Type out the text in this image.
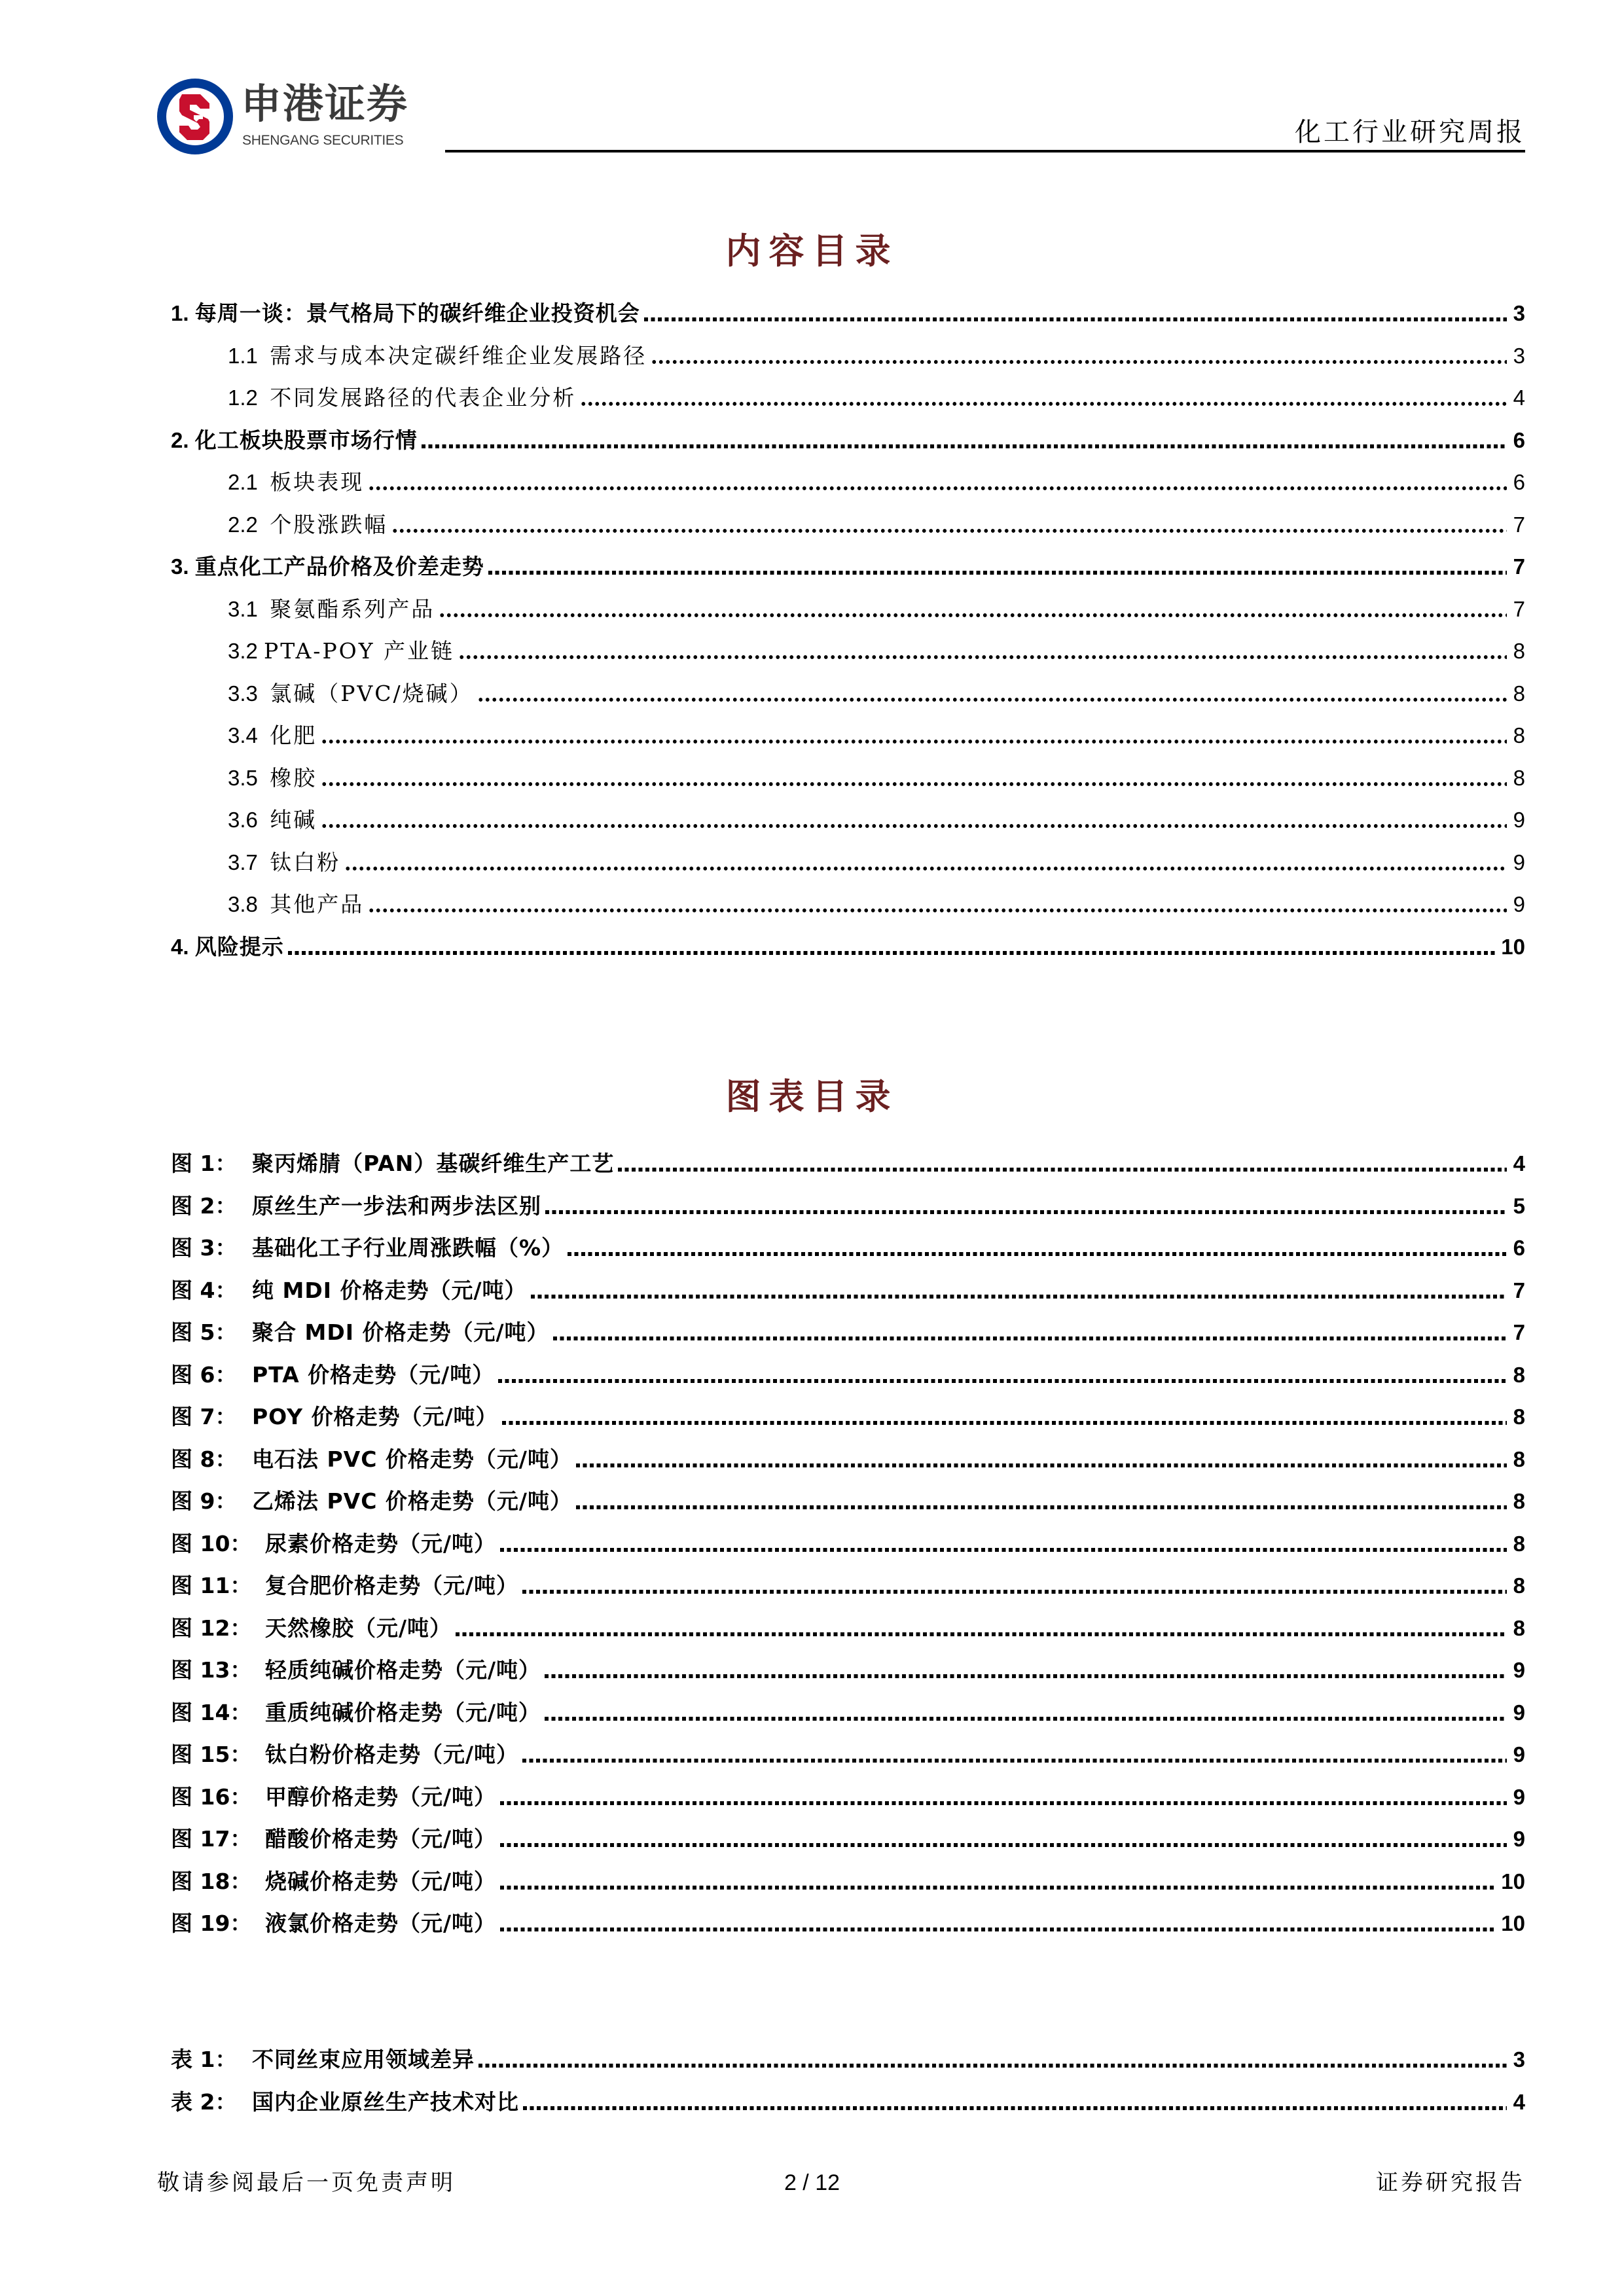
申港证券
SHENGANG SECURITIES	化工行业研究周报
内容目录
1. 每周一谈：景气格局下的碳纤维企业投资机会	3
1.1 需求与成本决定碳纤维企业发展路径	3
1.2 不同发展路径的代表企业分析	4
2. 化工板块股票市场行情	6
2.1 板块表现	6
2.2 个股涨跌幅	7
3. 重点化工产品价格及价差走势	7
3.1 聚氨酯系列产品	7
3.2 PTA-POY 产业链	8
3.3 氯碱（PVC/烧碱）	8
3.4 化肥	8
3.5 橡胶	8
3.6 纯碱	9
3.7 钛白粉	9
3.8 其他产品	9
4. 风险提示	10
图表目录
图 1： 聚丙烯腈（PAN）基碳纤维生产工艺	4
图 2： 原丝生产一步法和两步法区别	5
图 3： 基础化工子行业周涨跌幅（%）	6
图 4： 纯 MDI 价格走势（元/吨）	7
图 5： 聚合 MDI 价格走势（元/吨）	7
图 6： PTA 价格走势（元/吨）	8
图 7： POY 价格走势（元/吨）	8
图 8： 电石法 PVC 价格走势（元/吨）	8
图 9： 乙烯法 PVC 价格走势（元/吨）	8
图 10： 尿素价格走势（元/吨）	8
图 11： 复合肥价格走势（元/吨）	8
图 12： 天然橡胶（元/吨）	8
图 13： 轻质纯碱价格走势（元/吨）	9
图 14： 重质纯碱价格走势（元/吨）	9
图 15： 钛白粉价格走势（元/吨）	9
图 16： 甲醇价格走势（元/吨）	9
图 17： 醋酸价格走势（元/吨）	9
图 18： 烧碱价格走势（元/吨）	10
图 19： 液氯价格走势（元/吨）	10
表 1： 不同丝束应用领域差异	3
表 2： 国内企业原丝生产技术对比	4
敬请参阅最后一页免责声明	2 / 12	证券研究报告
